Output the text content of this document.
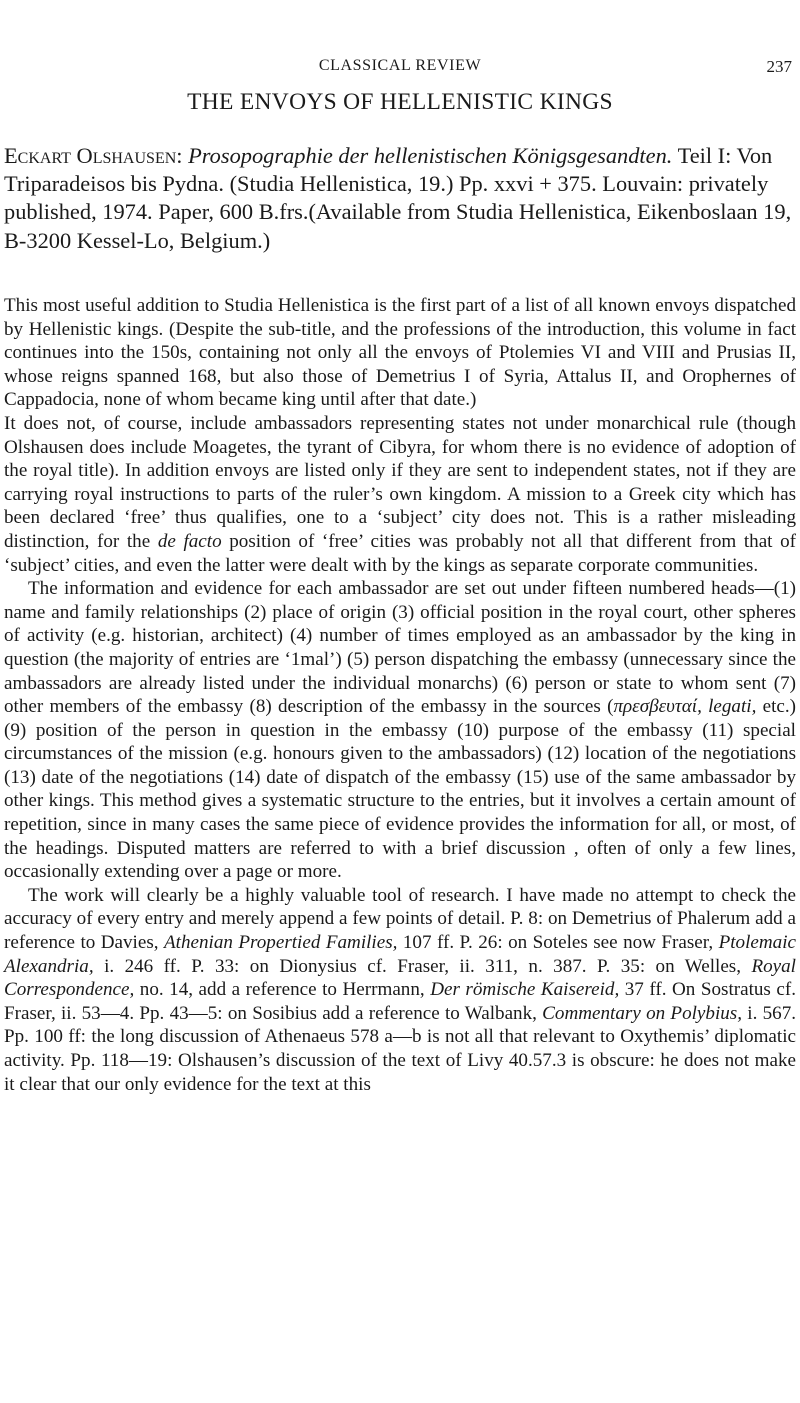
CLASSICAL REVIEW	237
THE ENVOYS OF HELLENISTIC KINGS

Eckart Olshausen: Prosopographie der hellenistischen Königsgesandten. Teil I: Von Triparadeisos bis Pydna. (Studia Hellenistica, 19.) Pp. xxvi + 375. Louvain: privately published, 1974. Paper, 600 B.frs.(Available from Studia Hellenistica, Eikenboslaan 19, B-3200 Kessel-Lo, Belgium.)

This most useful addition to Studia Hellenistica is the first part of a list of all known envoys dispatched by Hellenistic kings. (Despite the sub-title, and the professions of the introduction, this volume in fact continues into the 150s, containing not only all the envoys of Ptolemies VI and VIII and Prusias II, whose reigns spanned 168, but also those of Demetrius I of Syria, Attalus II, and Orophernes of Cappadocia, none of whom became king until after that date.)

It does not, of course, include ambassadors representing states not under monarchical rule (though Olshausen does include Moagetes, the tyrant of Cibyra, for whom there is no evidence of adoption of the royal title). In addition envoys are listed only if they are sent to independent states, not if they are carrying royal instructions to parts of the ruler’s own kingdom. A mission to a Greek city which has been declared ‘free’ thus qualifies, one to a ‘subject’ city does not. This is a rather misleading distinction, for the de facto position of ‘free’ cities was probably not all that different from that of ‘subject’ cities, and even the latter were dealt with by the kings as separate corporate communities.

The information and evidence for each ambassador are set out under fifteen numbered heads—(1) name and family relationships (2) place of origin (3) official position in the royal court, other spheres of activity (e.g. historian, architect) (4) number of times employed as an ambassador by the king in question (the majority of entries are ‘1mal’) (5) person dispatching the embassy (unnecessary since the ambassadors are already listed under the individual monarchs) (6) person or state to whom sent (7) other members of the embassy (8) description of the embassy in the sources (πρεσβευταί, legati, etc.) (9) position of the person in question in the embassy (10) purpose of the embassy (11) special circumstances of the mission (e.g. honours given to the ambassadors) (12) location of the negotiations (13) date of the negotiations (14) date of dispatch of the embassy (15) use of the same ambassador by other kings. This method gives a systematic structure to the entries, but it involves a certain amount of repetition, since in many cases the same piece of evidence provides the information for all, or most, of the headings. Disputed matters are referred to with a brief discussion , often of only a few lines, occasionally extending over a page or more.

The work will clearly be a highly valuable tool of research. I have made no attempt to check the accuracy of every entry and merely append a few points of detail. P. 8: on Demetrius of Phalerum add a reference to Davies, Athenian Propertied Families, 107 ff. P. 26: on Soteles see now Fraser, Ptolemaic Alexandria, i. 246 ff. P. 33: on Dionysius cf. Fraser, ii. 311, n. 387. P. 35: on Welles, Royal Correspondence, no. 14, add a reference to Herrmann, Der römische Kaisereid, 37 ff. On Sostratus cf. Fraser, ii. 53—4. Pp. 43—5: on Sosibius add a reference to Walbank, Commentary on Polybius, i. 567. Pp. 100 ff: the long discussion of Athenaeus 578 a—b is not all that relevant to Oxythemis’ diplomatic activity. Pp. 118—19: Olshausen’s discussion of the text of Livy 40.57.3 is obscure: he does not make it clear that our only evidence for the text at this
